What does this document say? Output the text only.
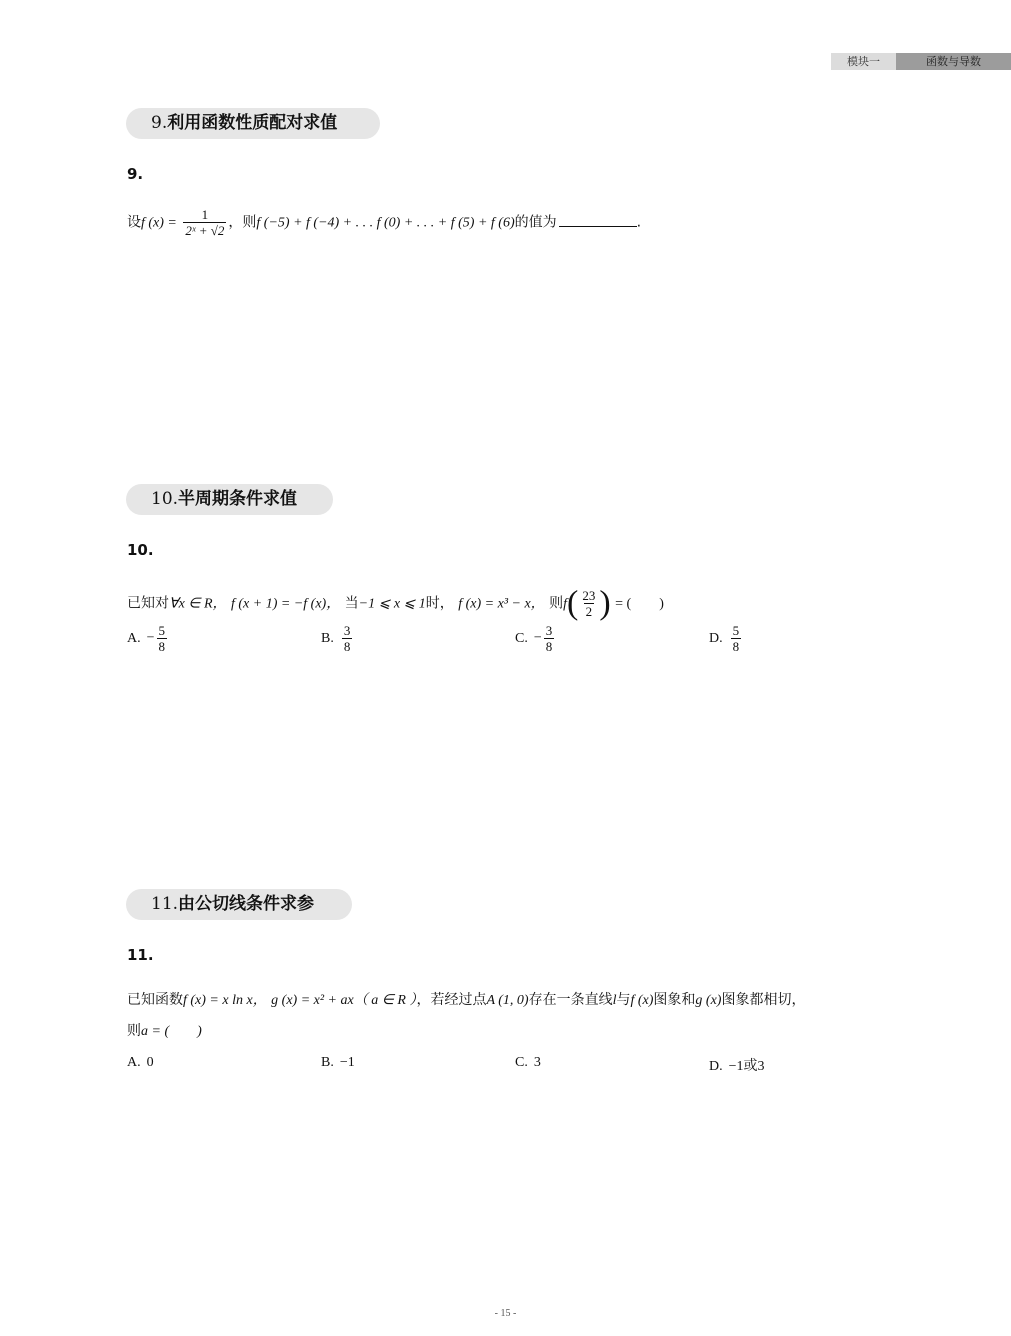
模块一	函数与导数
9.利用函数性质配对求值
9.
设f $(x) = \frac{1}{\text{2ˣ + √2}}$ ，则f (−5) + f (−4) + . . . f (0) + . . . + f (5) + f (6)的值为	.
10.半周期条件求值
10.
已知对∀x ∈ R， f (x + 1) = −f (x)， 当−1 ⩽ x ⩽ 1时， f (x) = x³ − x， 则$f( \frac{23}{2}$ ) = (　　)
A. − $\frac{5}{8}$	B. $\frac{3}{8}$	C. − $\frac{3}{8}$	D. $\frac{5}{8}$
11.由公切线条件求参
11.
已知函数f (x) = x ln x， g (x) = x² + ax（ a ∈ R ），若经过点A (1, 0)存在一条直线l与f (x)图象和g (x)图象都相切，
则a = (　　)
A. 0	B. −1	C. 3	D. −1或3
- 15 -
